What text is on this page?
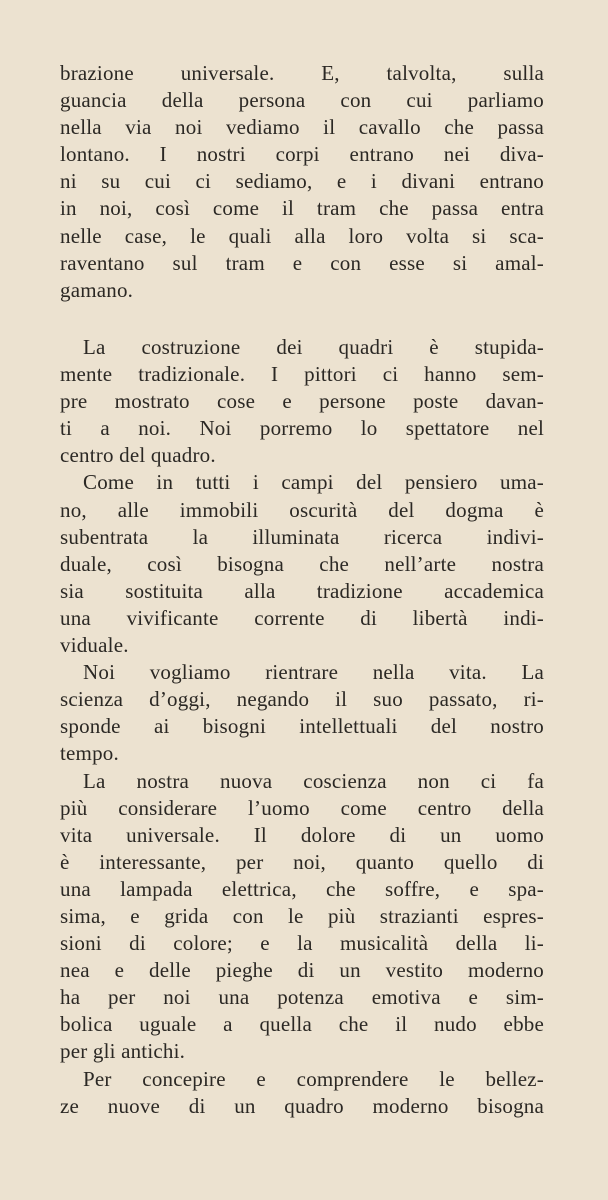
brazione universale. E, talvolta, sulla
guancia della persona con cui parliamo
nella via noi vediamo il cavallo che passa
lontano. I nostri corpi entrano nei diva-
ni su cui ci sediamo, e i divani entrano
in noi, così come il tram che passa entra
nelle case, le quali alla loro volta si sca-
raventano sul tram e con esse si amal-
gamano.
La costruzione dei quadri è stupida-
mente tradizionale. I pittori ci hanno sem-
pre mostrato cose e persone poste davan-
ti a noi. Noi porremo lo spettatore nel
centro del quadro.
Come in tutti i campi del pensiero uma-
no, alle immobili oscurità del dogma è
subentrata la illuminata ricerca indivi-
duale, così bisogna che nell’arte nostra
sia sostituita alla tradizione accademica
una vivificante corrente di libertà indi-
viduale.
Noi vogliamo rientrare nella vita. La
scienza d’oggi, negando il suo passato, ri-
sponde ai bisogni intellettuali del nostro
tempo.
La nostra nuova coscienza non ci fa
più considerare l’uomo come centro della
vita universale. Il dolore di un uomo
è interessante, per noi, quanto quello di
una lampada elettrica, che soffre, e spa-
sima, e grida con le più strazianti espres-
sioni di colore; e la musicalità della li-
nea e delle pieghe di un vestito moderno
ha per noi una potenza emotiva e sim-
bolica uguale a quella che il nudo ebbe
per gli antichi.
Per concepire e comprendere le bellez-
ze nuove di un quadro moderno bisogna
